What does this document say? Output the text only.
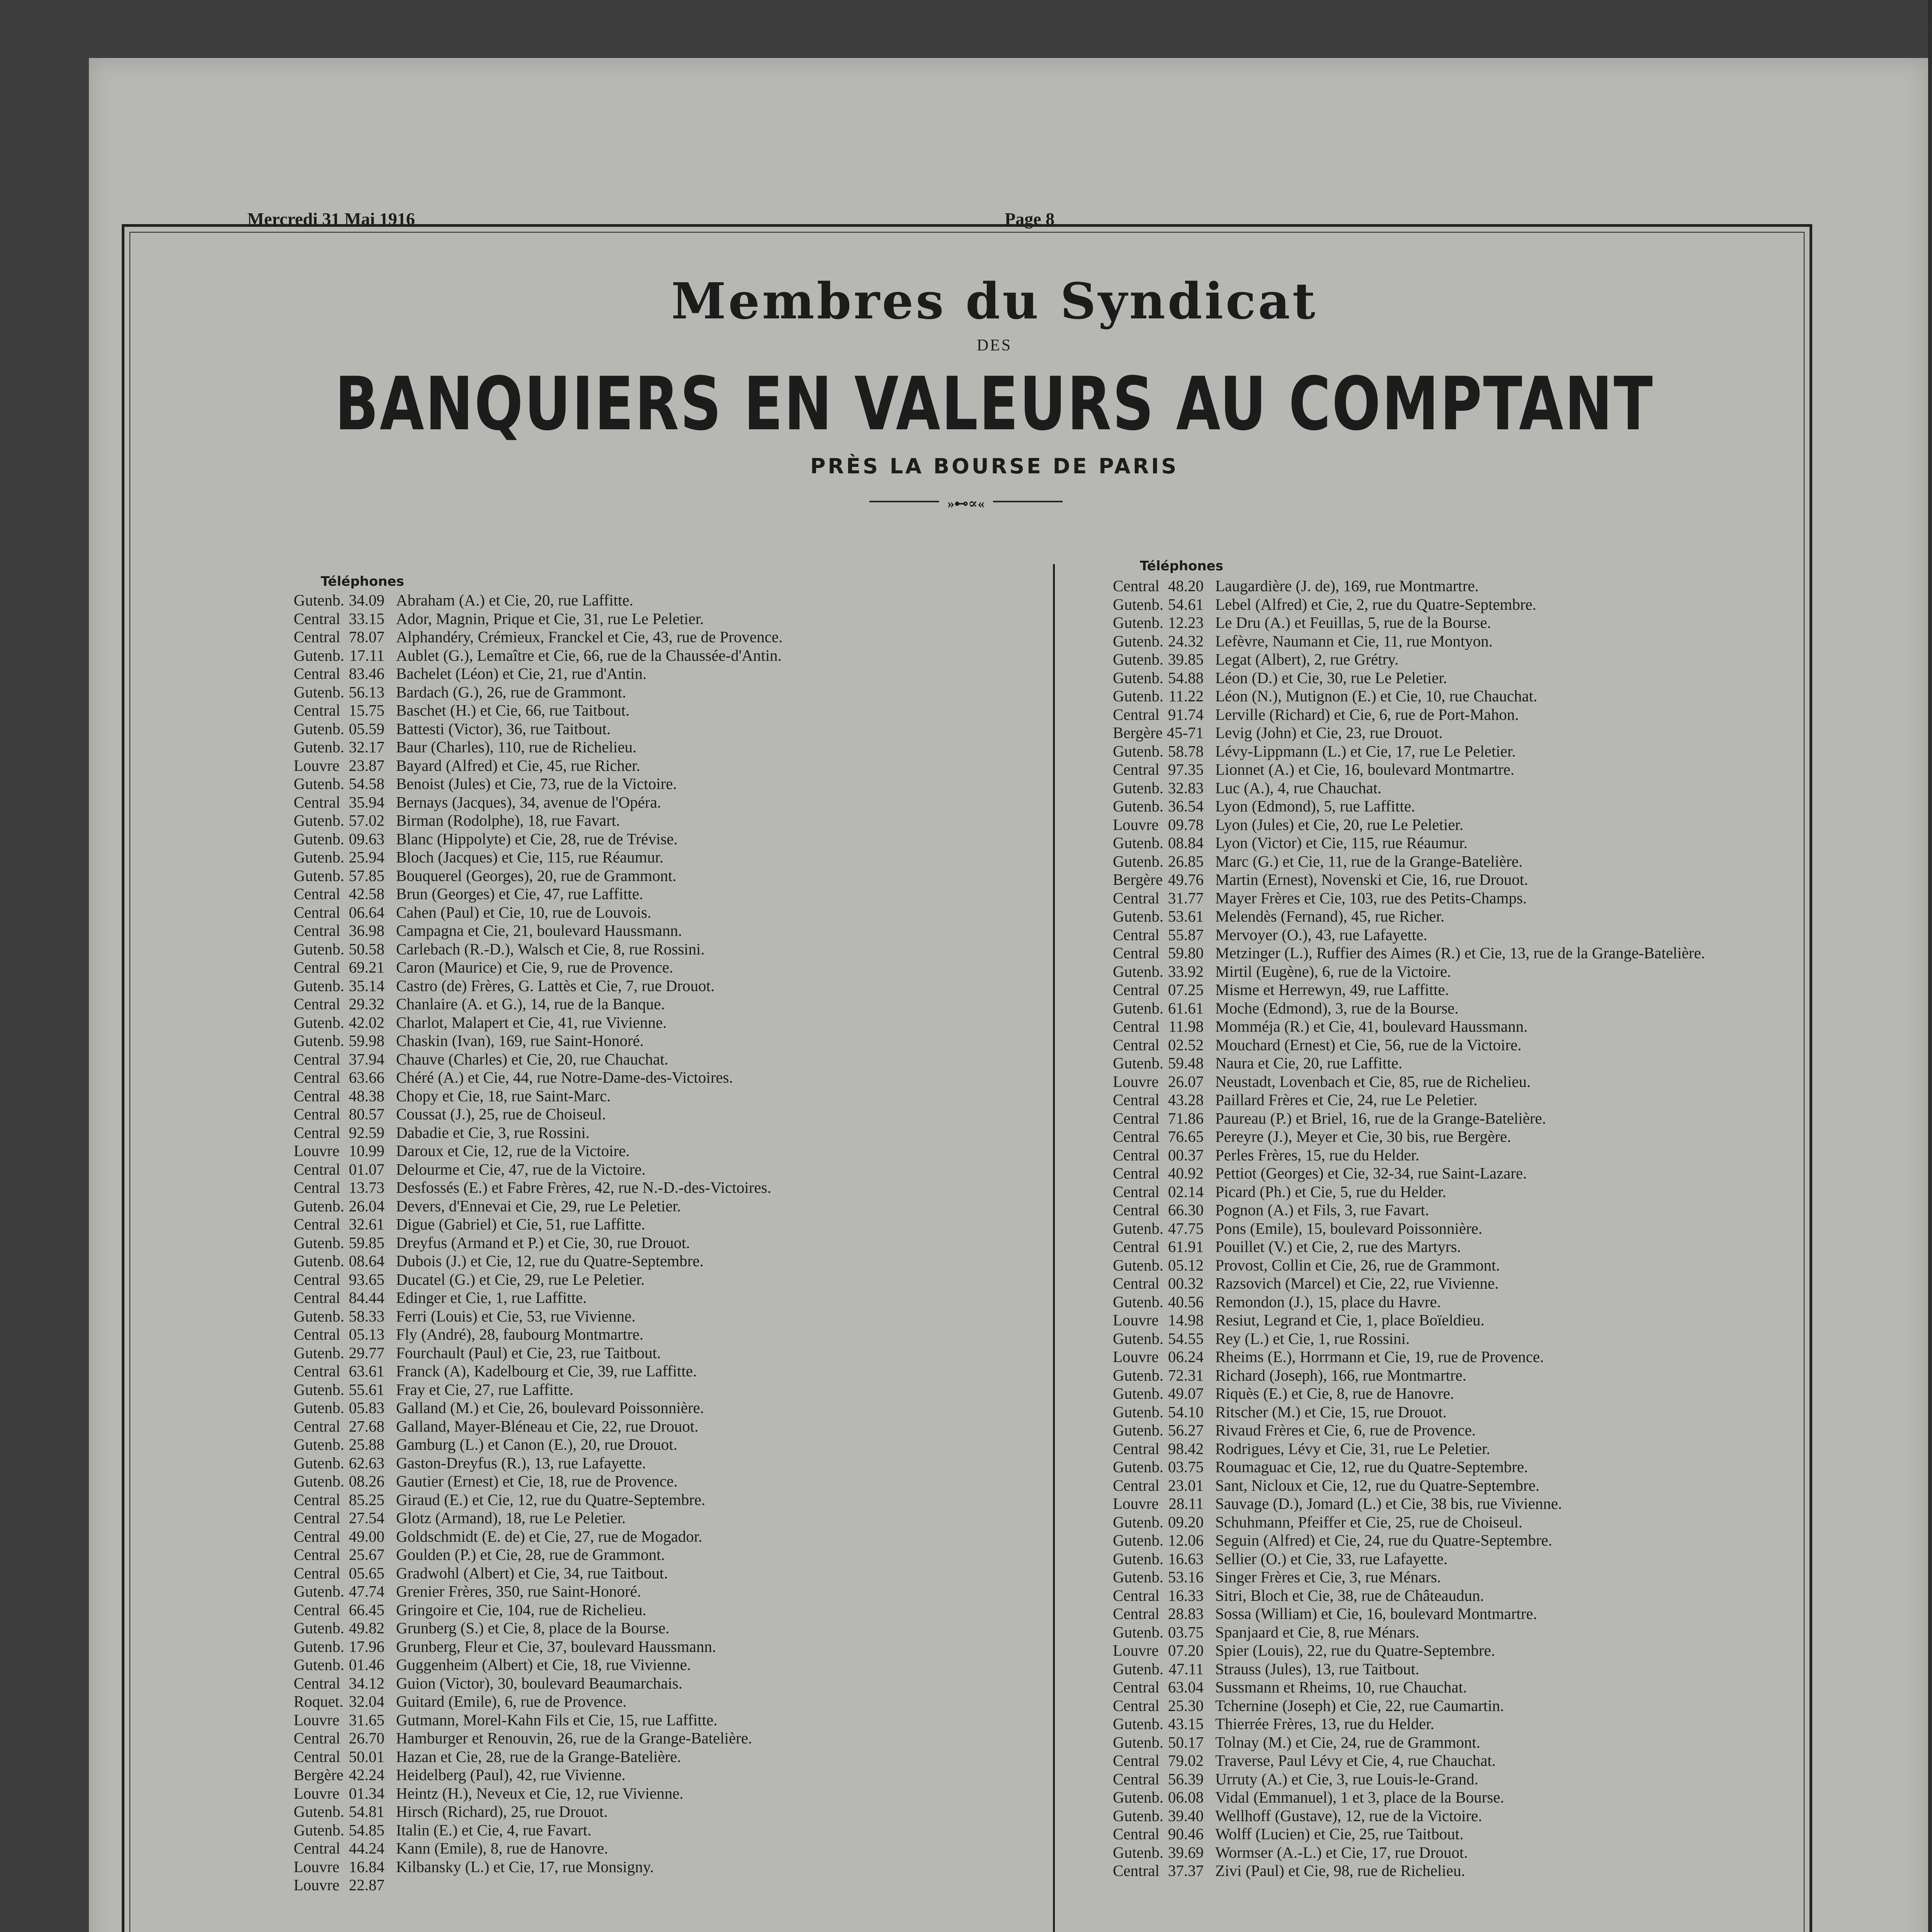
Mercredi 31 Mai 1916	Page 8
Membres du Syndicat
DES
BANQUIERS EN VALEURS AU COMPTANT
PRÈS LA BOURSE DE PARIS
»⊷∝«
Téléphones
Gutenb. 34.09 Abraham (A.) et Cie, 20, rue Laffitte.
Central 33.15 Ador, Magnin, Prique et Cie, 31, rue Le Peletier.
Central 78.07 Alphandéry, Crémieux, Franckel et Cie, 43, rue de Provence.
Gutenb. 17.11 Aublet (G.), Lemaître et Cie, 66, rue de la Chaussée-d'Antin.
Central 83.46 Bachelet (Léon) et Cie, 21, rue d'Antin.
Gutenb. 56.13 Bardach (G.), 26, rue de Grammont.
Central 15.75 Baschet (H.) et Cie, 66, rue Taitbout.
Gutenb. 05.59 Battesti (Victor), 36, rue Taitbout.
Gutenb. 32.17 Baur (Charles), 110, rue de Richelieu.
Louvre 23.87 Bayard (Alfred) et Cie, 45, rue Richer.
Gutenb. 54.58 Benoist (Jules) et Cie, 73, rue de la Victoire.
Central 35.94 Bernays (Jacques), 34, avenue de l'Opéra.
Gutenb. 57.02 Birman (Rodolphe), 18, rue Favart.
Gutenb. 09.63 Blanc (Hippolyte) et Cie, 28, rue de Trévise.
Gutenb. 25.94 Bloch (Jacques) et Cie, 115, rue Réaumur.
Gutenb. 57.85 Bouquerel (Georges), 20, rue de Grammont.
Central 42.58 Brun (Georges) et Cie, 47, rue Laffitte.
Central 06.64 Cahen (Paul) et Cie, 10, rue de Louvois.
Central 36.98 Campagna et Cie, 21, boulevard Haussmann.
Gutenb. 50.58 Carlebach (R.-D.), Walsch et Cie, 8, rue Rossini.
Central 69.21 Caron (Maurice) et Cie, 9, rue de Provence.
Gutenb. 35.14 Castro (de) Frères, G. Lattès et Cie, 7, rue Drouot.
Central 29.32 Chanlaire (A. et G.), 14, rue de la Banque.
Gutenb. 42.02 Charlot, Malapert et Cie, 41, rue Vivienne.
Gutenb. 59.98 Chaskin (Ivan), 169, rue Saint-Honoré.
Central 37.94 Chauve (Charles) et Cie, 20, rue Chauchat.
Central 63.66 Chéré (A.) et Cie, 44, rue Notre-Dame-des-Victoires.
Central 48.38 Chopy et Cie, 18, rue Saint-Marc.
Central 80.57 Coussat (J.), 25, rue de Choiseul.
Central 92.59 Dabadie et Cie, 3, rue Rossini.
Louvre 10.99 Daroux et Cie, 12, rue de la Victoire.
Central 01.07 Delourme et Cie, 47, rue de la Victoire.
Central 13.73 Desfossés (E.) et Fabre Frères, 42, rue N.-D.-des-Victoires.
Gutenb. 26.04 Devers, d'Ennevai et Cie, 29, rue Le Peletier.
Central 32.61 Digue (Gabriel) et Cie, 51, rue Laffitte.
Gutenb. 59.85 Dreyfus (Armand et P.) et Cie, 30, rue Drouot.
Gutenb. 08.64 Dubois (J.) et Cie, 12, rue du Quatre-Septembre.
Central 93.65 Ducatel (G.) et Cie, 29, rue Le Peletier.
Central 84.44 Edinger et Cie, 1, rue Laffitte.
Gutenb. 58.33 Ferri (Louis) et Cie, 53, rue Vivienne.
Central 05.13 Fly (André), 28, faubourg Montmartre.
Gutenb. 29.77 Fourchault (Paul) et Cie, 23, rue Taitbout.
Central 63.61 Franck (A), Kadelbourg et Cie, 39, rue Laffitte.
Gutenb. 55.61 Fray et Cie, 27, rue Laffitte.
Gutenb. 05.83 Galland (M.) et Cie, 26, boulevard Poissonnière.
Central 27.68 Galland, Mayer-Bléneau et Cie, 22, rue Drouot.
Gutenb. 25.88 Gamburg (L.) et Canon (E.), 20, rue Drouot.
Gutenb. 62.63 Gaston-Dreyfus (R.), 13, rue Lafayette.
Gutenb. 08.26 Gautier (Ernest) et Cie, 18, rue de Provence.
Central 85.25 Giraud (E.) et Cie, 12, rue du Quatre-Septembre.
Central 27.54 Glotz (Armand), 18, rue Le Peletier.
Central 49.00 Goldschmidt (E. de) et Cie, 27, rue de Mogador.
Central 25.67 Goulden (P.) et Cie, 28, rue de Grammont.
Central 05.65 Gradwohl (Albert) et Cie, 34, rue Taitbout.
Gutenb. 47.74 Grenier Frères, 350, rue Saint-Honoré.
Central 66.45 Gringoire et Cie, 104, rue de Richelieu.
Gutenb. 49.82 Grunberg (S.) et Cie, 8, place de la Bourse.
Gutenb. 17.96 Grunberg, Fleur et Cie, 37, boulevard Haussmann.
Gutenb. 01.46 Guggenheim (Albert) et Cie, 18, rue Vivienne.
Central 34.12 Guion (Victor), 30, boulevard Beaumarchais.
Roquet. 32.04 Guitard (Emile), 6, rue de Provence.
Louvre 31.65 Gutmann, Morel-Kahn Fils et Cie, 15, rue Laffitte.
Central 26.70 Hamburger et Renouvin, 26, rue de la Grange-Batelière.
Central 50.01 Hazan et Cie, 28, rue de la Grange-Batelière.
Bergère 42.24 Heidelberg (Paul), 42, rue Vivienne.
Louvre 01.34 Heintz (H.), Neveux et Cie, 12, rue Vivienne.
Gutenb. 54.81 Hirsch (Richard), 25, rue Drouot.
Gutenb. 54.85 Italin (E.) et Cie, 4, rue Favart.
Central 44.24 Kann (Emile), 8, rue de Hanovre.
Louvre 16.84 Kilbansky (L.) et Cie, 17, rue Monsigny.
Louvre 22.87
Téléphones
Central 48.20 Laugardière (J. de), 169, rue Montmartre.
Gutenb. 54.61 Lebel (Alfred) et Cie, 2, rue du Quatre-Septembre.
Gutenb. 12.23 Le Dru (A.) et Feuillas, 5, rue de la Bourse.
Gutenb. 24.32 Lefèvre, Naumann et Cie, 11, rue Montyon.
Gutenb. 39.85 Legat (Albert), 2, rue Grétry.
Gutenb. 54.88 Léon (D.) et Cie, 30, rue Le Peletier.
Gutenb. 11.22 Léon (N.), Mutignon (E.) et Cie, 10, rue Chauchat.
Central 91.74 Lerville (Richard) et Cie, 6, rue de Port-Mahon.
Bergère 45-71 Levig (John) et Cie, 23, rue Drouot.
Gutenb. 58.78 Lévy-Lippmann (L.) et Cie, 17, rue Le Peletier.
Central 97.35 Lionnet (A.) et Cie, 16, boulevard Montmartre.
Gutenb. 32.83 Luc (A.), 4, rue Chauchat.
Gutenb. 36.54 Lyon (Edmond), 5, rue Laffitte.
Louvre 09.78 Lyon (Jules) et Cie, 20, rue Le Peletier.
Gutenb. 08.84 Lyon (Victor) et Cie, 115, rue Réaumur.
Gutenb. 26.85 Marc (G.) et Cie, 11, rue de la Grange-Batelière.
Bergère 49.76 Martin (Ernest), Novenski et Cie, 16, rue Drouot.
Central 31.77 Mayer Frères et Cie, 103, rue des Petits-Champs.
Gutenb. 53.61 Melendès (Fernand), 45, rue Richer.
Central 55.87 Mervoyer (O.), 43, rue Lafayette.
Central 59.80 Metzinger (L.), Ruffier des Aimes (R.) et Cie, 13, rue de la Grange-Batelière.
Gutenb. 33.92 Mirtil (Eugène), 6, rue de la Victoire.
Central 07.25 Misme et Herrewyn, 49, rue Laffitte.
Gutenb. 61.61 Moche (Edmond), 3, rue de la Bourse.
Central 11.98 Momméja (R.) et Cie, 41, boulevard Haussmann.
Central 02.52 Mouchard (Ernest) et Cie, 56, rue de la Victoire.
Gutenb. 59.48 Naura et Cie, 20, rue Laffitte.
Louvre 26.07 Neustadt, Lovenbach et Cie, 85, rue de Richelieu.
Central 43.28 Paillard Frères et Cie, 24, rue Le Peletier.
Central 71.86 Paureau (P.) et Briel, 16, rue de la Grange-Batelière.
Central 76.65 Pereyre (J.), Meyer et Cie, 30 bis, rue Bergère.
Central 00.37 Perles Frères, 15, rue du Helder.
Central 40.92 Pettiot (Georges) et Cie, 32-34, rue Saint-Lazare.
Central 02.14 Picard (Ph.) et Cie, 5, rue du Helder.
Central 66.30 Pognon (A.) et Fils, 3, rue Favart.
Gutenb. 47.75 Pons (Emile), 15, boulevard Poissonnière.
Central 61.91 Pouillet (V.) et Cie, 2, rue des Martyrs.
Gutenb. 05.12 Provost, Collin et Cie, 26, rue de Grammont.
Central 00.32 Razsovich (Marcel) et Cie, 22, rue Vivienne.
Gutenb. 40.56 Remondon (J.), 15, place du Havre.
Louvre 14.98 Resiut, Legrand et Cie, 1, place Boïeldieu.
Gutenb. 54.55 Rey (L.) et Cie, 1, rue Rossini.
Louvre 06.24 Rheims (E.), Horrmann et Cie, 19, rue de Provence.
Gutenb. 72.31 Richard (Joseph), 166, rue Montmartre.
Gutenb. 49.07 Riquès (E.) et Cie, 8, rue de Hanovre.
Gutenb. 54.10 Ritscher (M.) et Cie, 15, rue Drouot.
Gutenb. 56.27 Rivaud Frères et Cie, 6, rue de Provence.
Central 98.42 Rodrigues, Lévy et Cie, 31, rue Le Peletier.
Gutenb. 03.75 Roumaguac et Cie, 12, rue du Quatre-Septembre.
Central 23.01 Sant, Nicloux et Cie, 12, rue du Quatre-Septembre.
Louvre 28.11 Sauvage (D.), Jomard (L.) et Cie, 38 bis, rue Vivienne.
Gutenb. 09.20 Schuhmann, Pfeiffer et Cie, 25, rue de Choiseul.
Gutenb. 12.06 Seguin (Alfred) et Cie, 24, rue du Quatre-Septembre.
Gutenb. 16.63 Sellier (O.) et Cie, 33, rue Lafayette.
Gutenb. 53.16 Singer Frères et Cie, 3, rue Ménars.
Central 16.33 Sitri, Bloch et Cie, 38, rue de Châteaudun.
Central 28.83 Sossa (William) et Cie, 16, boulevard Montmartre.
Gutenb. 03.75 Spanjaard et Cie, 8, rue Ménars.
Louvre 07.20 Spier (Louis), 22, rue du Quatre-Septembre.
Gutenb. 47.11 Strauss (Jules), 13, rue Taitbout.
Central 63.04 Sussmann et Rheims, 10, rue Chauchat.
Central 25.30 Tchernine (Joseph) et Cie, 22, rue Caumartin.
Gutenb. 43.15 Thierrée Frères, 13, rue du Helder.
Gutenb. 50.17 Tolnay (M.) et Cie, 24, rue de Grammont.
Central 79.02 Traverse, Paul Lévy et Cie, 4, rue Chauchat.
Central 56.39 Urruty (A.) et Cie, 3, rue Louis-le-Grand.
Gutenb. 06.08 Vidal (Emmanuel), 1 et 3, place de la Bourse.
Gutenb. 39.40 Wellhoff (Gustave), 12, rue de la Victoire.
Central 90.46 Wolff (Lucien) et Cie, 25, rue Taitbout.
Gutenb. 39.69 Wormser (A.-L.) et Cie, 17, rue Drouot.
Central 37.37 Zivi (Paul) et Cie, 98, rue de Richelieu.
